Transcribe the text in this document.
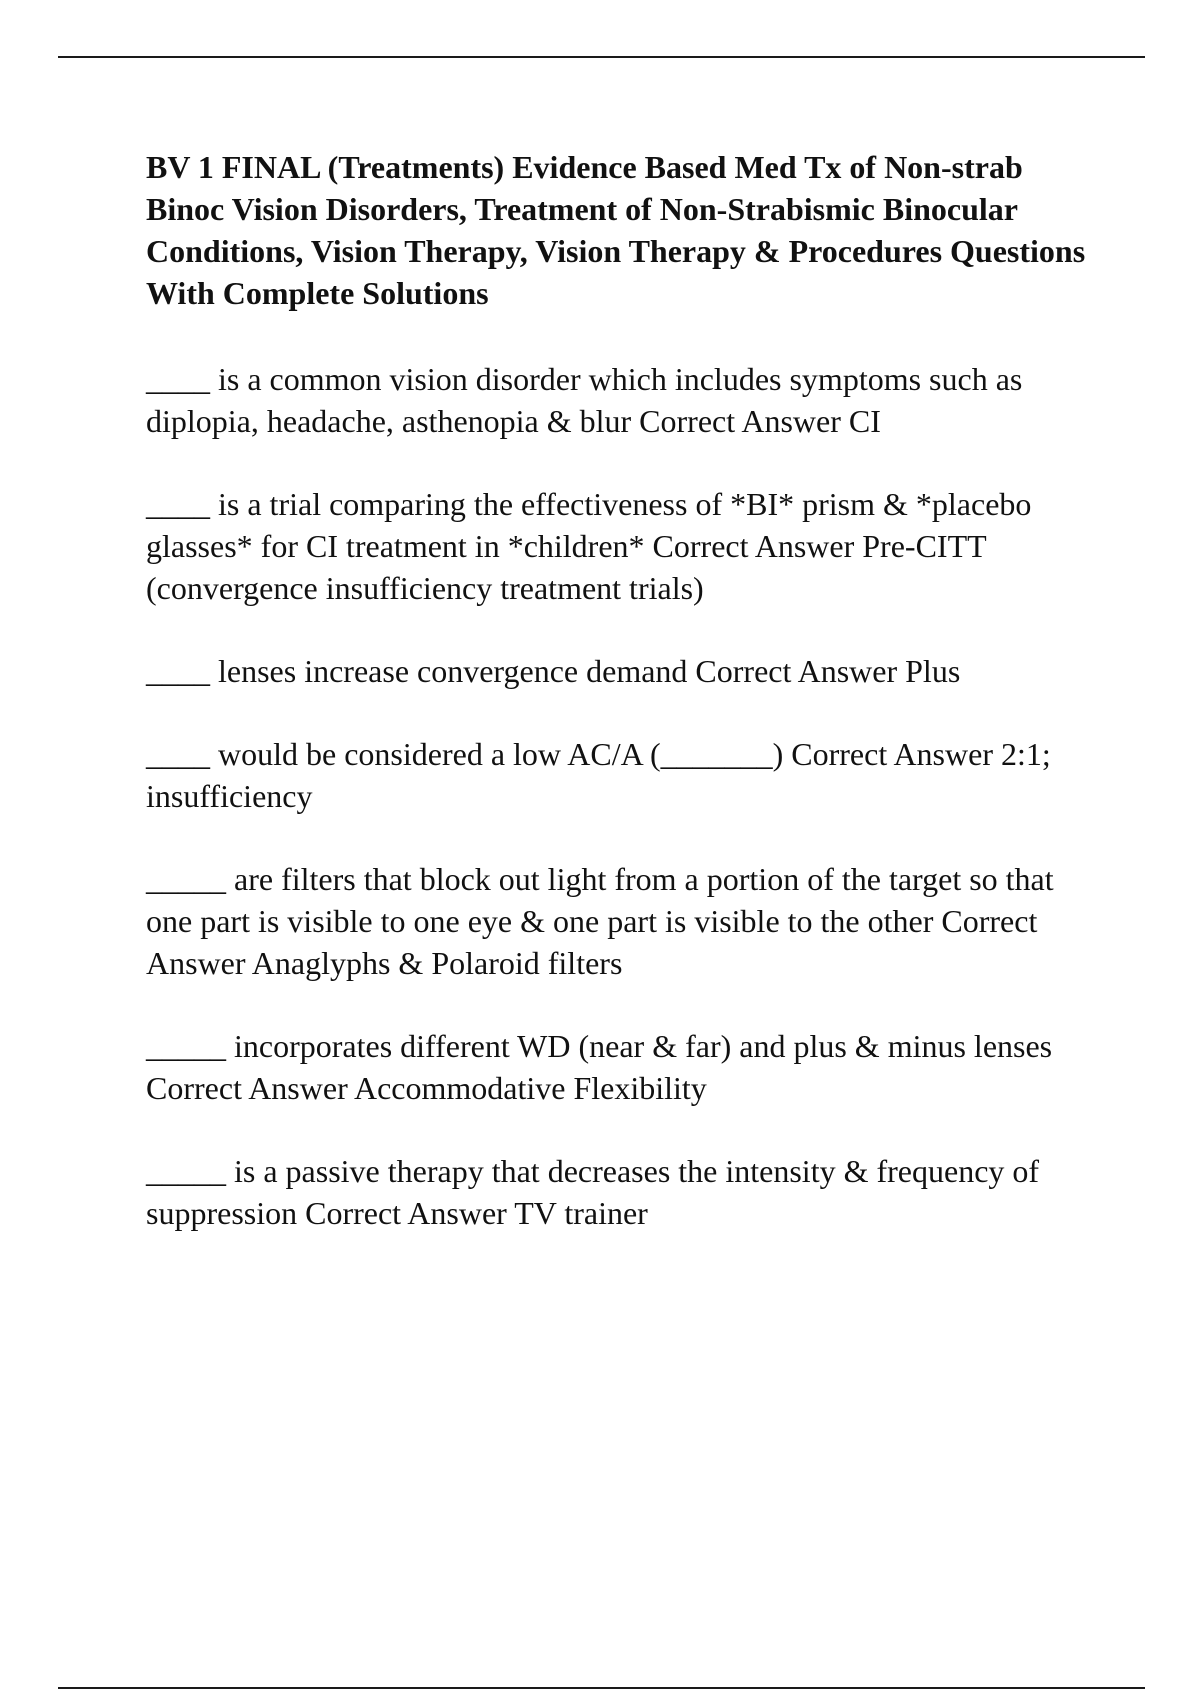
BV 1 FINAL (Treatments) Evidence Based Med Tx of Non-strab Binoc Vision Disorders, Treatment of Non-Strabismic Binocular Conditions, Vision Therapy, Vision Therapy & Procedures Questions With Complete Solutions
____ is a common vision disorder which includes symptoms such as diplopia, headache, asthenopia & blur Correct Answer CI
____ is a trial comparing the effectiveness of *BI* prism & *placebo glasses* for CI treatment in *children* Correct Answer Pre-CITT (convergence insufficiency treatment trials)
____ lenses increase convergence demand Correct Answer Plus
____ would be considered a low AC/A (_______) Correct Answer 2:1; insufficiency
_____ are filters that block out light from a portion of the target so that one part is visible to one eye & one part is visible to the other Correct Answer Anaglyphs & Polaroid filters
_____ incorporates different WD (near & far) and plus & minus lenses Correct Answer Accommodative Flexibility
_____ is a passive therapy that decreases the intensity & frequency of suppression Correct Answer TV trainer
